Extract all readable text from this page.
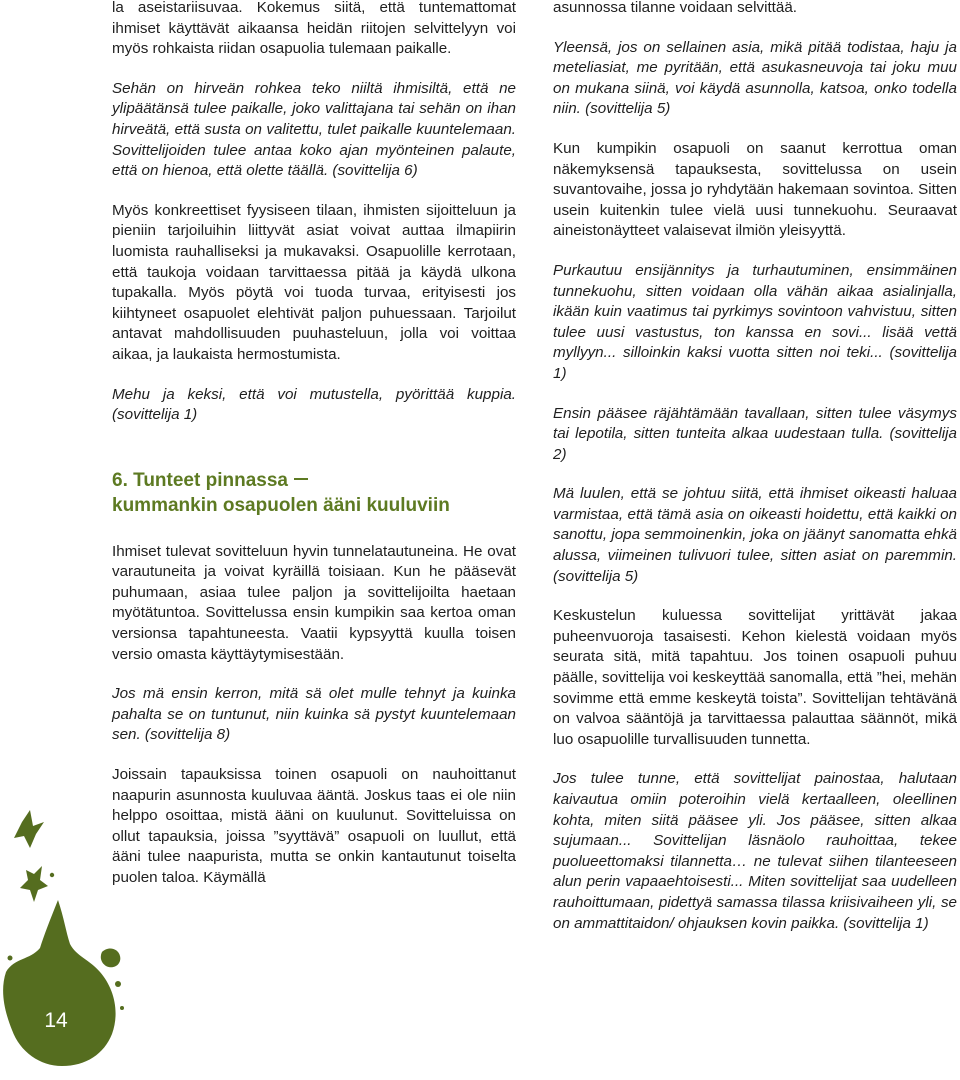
14

la aseistariisuvaa. Kokemus siitä, että tuntemattomat ihmiset käyttävät aikaansa heidän riitojen selvittelyyn voi myös rohkaista riidan osapuolia tulemaan paikalle.

Sehän on hirveän rohkea teko niiltä ihmisiltä, että ne ylipäätänsä tulee paikalle, joko valittajana tai sehän on ihan hirveätä, että susta on valitettu, tulet paikalle kuuntelemaan. Sovittelijoiden tulee antaa koko ajan myönteinen palaute, että on hienoa, että olette täällä. (sovittelija 6)

Myös konkreettiset fyysiseen tilaan, ihmisten sijoitteluun ja pieniin tarjoiluihin liittyvät asiat voivat auttaa ilmapiirin luomista rauhalliseksi ja mukavaksi. Osapuolille kerrotaan, että taukoja voidaan tarvittaessa pitää ja käydä ulkona tupakalla. Myös pöytä voi tuoda turvaa, erityisesti jos kiihtyneet osapuolet elehtivät paljon puhuessaan. Tarjoilut antavat mahdollisuuden puuhasteluun, jolla voi voittaa aikaa, ja laukaista hermostumista.

Mehu ja keksi, että voi mutustella, pyörittää kuppia. (sovittelija 1)

6. Tunteet pinnassa
kummankin osapuolen ääni kuuluviin

Ihmiset tulevat sovitteluun hyvin tunnelatautuneina. He ovat varautuneita ja voivat kyräillä toisiaan. Kun he pääsevät puhumaan, asiaa tulee paljon ja sovittelijoilta haetaan myötätuntoa. Sovittelussa ensin kumpikin saa kertoa oman versionsa tapahtuneesta. Vaatii kypsyyttä kuulla toisen versio omasta käyttäytymisestään.

Jos mä ensin kerron, mitä sä olet mulle tehnyt ja kuinka pahalta se on tuntunut, niin kuinka sä pystyt kuuntelemaan sen. (sovittelija 8)

Joissain tapauksissa toinen osapuoli on nauhoittanut naapurin asunnosta kuuluvaa ääntä. Joskus taas ei ole niin helppo osoittaa, mistä ääni on kuulunut. Sovitteluissa on ollut tapauksia, joissa ”syyttävä” osapuoli on luullut, että ääni tulee naapurista, mutta se onkin kantautunut toiselta puolen taloa. Käymällä

asunnossa tilanne voidaan selvittää.

Yleensä, jos on sellainen asia, mikä pitää todistaa, haju ja meteliasiat, me pyritään, että asukasneuvoja tai joku muu on mukana siinä, voi käydä asunnolla, katsoa, onko todella niin. (sovittelija 5)

Kun kumpikin osapuoli on saanut kerrottua oman näkemyksensä tapauksesta, sovittelussa on usein suvantovaihe, jossa jo ryhdytään hakemaan sovintoa. Sitten usein kuitenkin tulee vielä uusi tunnekuohu. Seuraavat aineistonäytteet valaisevat ilmiön yleisyyttä.

Purkautuu ensijännitys ja turhautuminen, ensimmäinen tunnekuohu, sitten voidaan olla vähän aikaa asialinjalla, ikään kuin vaatimus tai pyrkimys sovintoon vahvistuu, sitten tulee uusi vastustus, ton kanssa en sovi... lisää vettä myllyyn... silloinkin kaksi vuotta sitten noi teki... (sovittelija 1)

Ensin pääsee räjähtämään tavallaan, sitten tulee väsymys tai lepotila, sitten tunteita alkaa uudestaan tulla. (sovittelija 2)

Mä luulen, että se johtuu siitä, että ihmiset oikeasti haluaa varmistaa, että tämä asia on oikeasti hoidettu, että kaikki on sanottu, jopa semmoinenkin, joka on jäänyt sanomatta ehkä alussa, viimeinen tulivuori tulee, sitten asiat on paremmin. (sovittelija 5)

Keskustelun kuluessa sovittelijat yrittävät jakaa puheenvuoroja tasaisesti. Kehon kielestä voidaan myös seurata sitä, mitä tapahtuu. Jos toinen osapuoli puhuu päälle, sovittelija voi keskeyttää sanomalla, että ”hei, mehän sovimme että emme keskeytä toista”. Sovittelijan tehtävänä on valvoa sääntöjä ja tarvittaessa palauttaa säännöt, mikä luo osapuolille turvallisuuden tunnetta.

Jos tulee tunne, että sovittelijat painostaa, halutaan kaivautua omiin poteroihin vielä kertaalleen, oleellinen kohta, miten siitä pääsee yli. Jos pääsee, sitten alkaa sujumaan... Sovittelijan läsnäolo rauhoittaa, tekee puolueettomaksi tilannetta… ne tulevat siihen tilanteeseen alun perin vapaaehtoisesti... Miten sovittelijat saa uudelleen rauhoittumaan, pidettyä samassa tilassa kriisivaiheen yli, se on ammattitaidon/ ohjauksen kovin paikka. (sovittelija 1)
